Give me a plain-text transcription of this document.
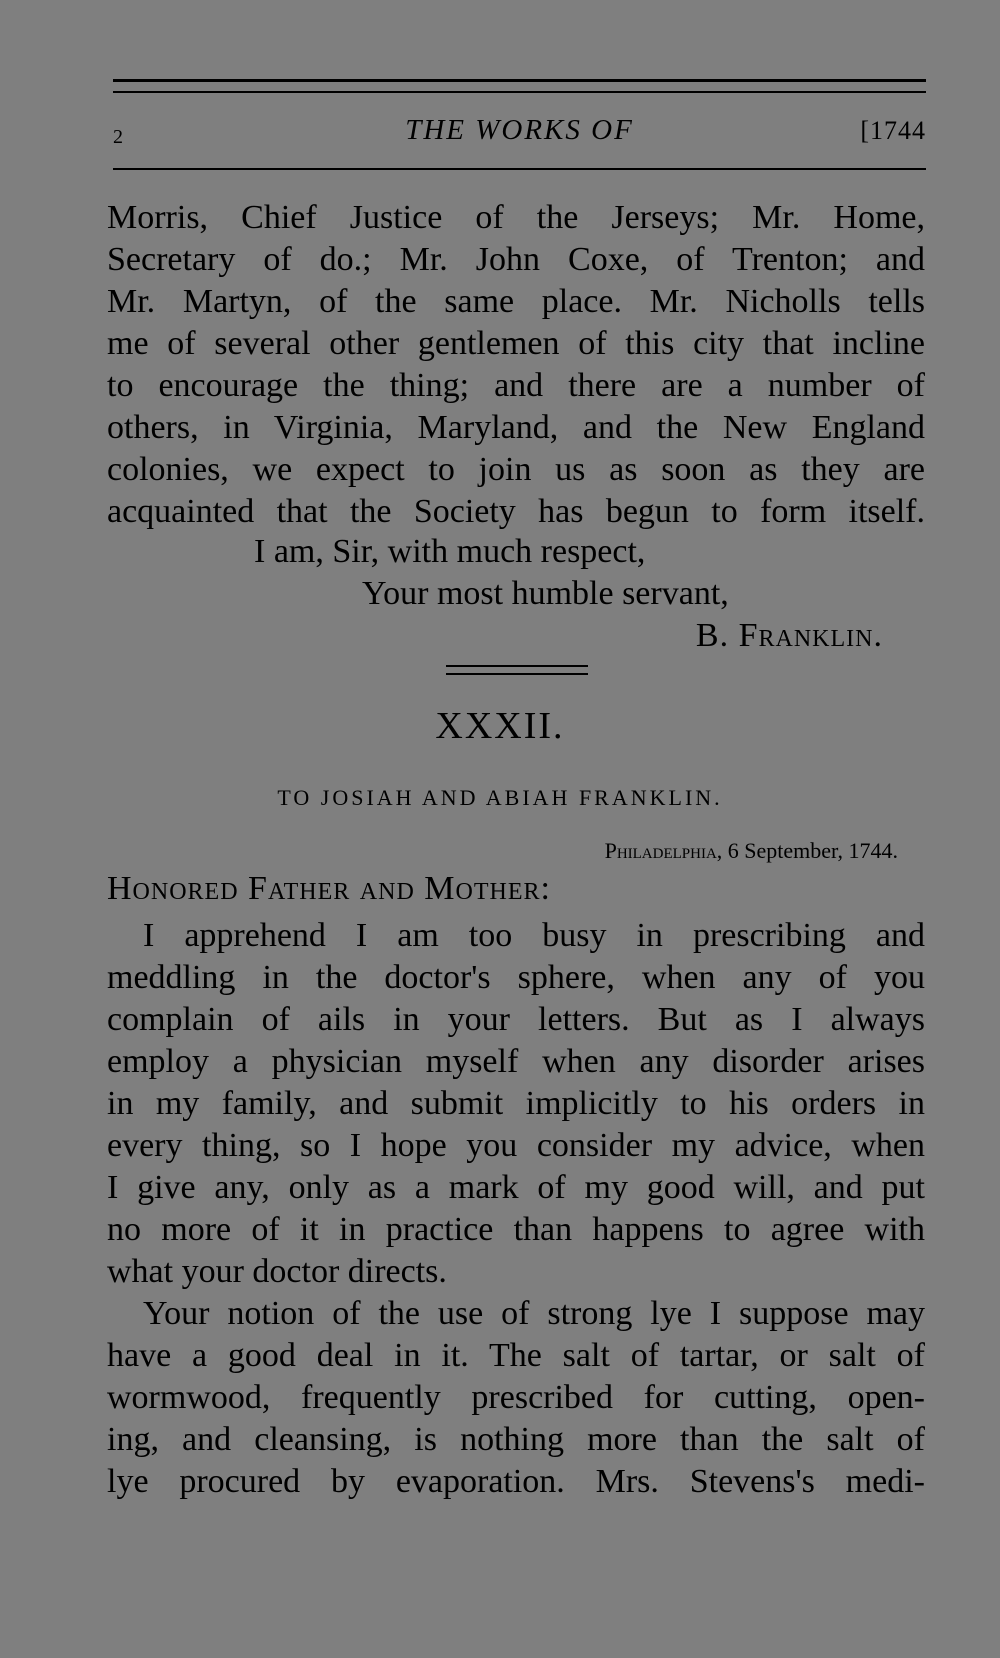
2	THE WORKS OF	[1744
Morris, Chief Justice of the Jerseys; Mr. Home,
Secretary of do.; Mr. John Coxe, of Trenton; and
Mr. Martyn, of the same place. Mr. Nicholls tells
me of several other gentlemen of this city that incline
to encourage the thing; and there are a number of
others, in Virginia, Maryland, and the New England
colonies, we expect to join us as soon as they are
acquainted that the Society has begun to form itself.
I am, Sir, with much respect,
Your most humble servant,
B. Franklin.
XXXII.
TO JOSIAH AND ABIAH FRANKLIN.
Philadelphia, 6 September, 1744.
Honored Father and Mother:
I apprehend I am too busy in prescribing and
meddling in the doctor's sphere, when any of you
complain of ails in your letters. But as I always
employ a physician myself when any disorder arises
in my family, and submit implicitly to his orders in
every thing, so I hope you consider my advice, when
I give any, only as a mark of my good will, and put
no more of it in practice than happens to agree with
what your doctor directs.
Your notion of the use of strong lye I suppose may
have a good deal in it. The salt of tartar, or salt of
wormwood, frequently prescribed for cutting, open-
ing, and cleansing, is nothing more than the salt of
lye procured by evaporation. Mrs. Stevens's medi-
